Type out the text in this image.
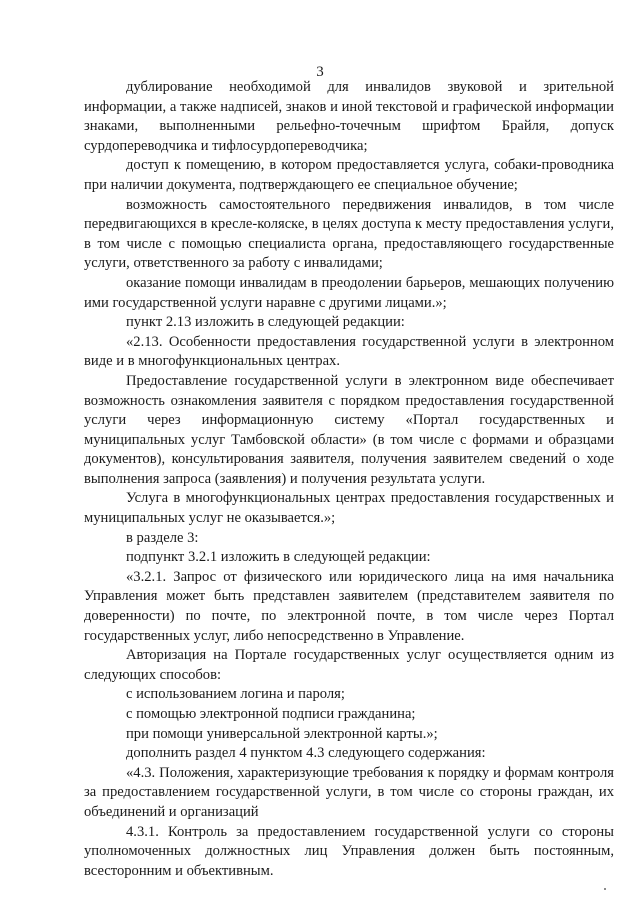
3

дублирование необходимой для инвалидов звуковой и зрительной информации, а также надписей, знаков и иной текстовой и графической информации знаками, выполненными рельефно-точечным шрифтом Брайля, допуск сурдопереводчика и тифлосурдопереводчика;

доступ к помещению, в котором предоставляется услуга, собаки-проводника при наличии документа, подтверждающего ее специальное обучение;

возможность самостоятельного передвижения инвалидов, в том числе передвигающихся в кресле-коляске, в целях доступа к месту предоставления услуги, в том числе с помощью специалиста органа, предоставляющего государственные услуги, ответственного за работу с инвалидами;

оказание помощи инвалидам в преодолении барьеров, мешающих получению ими государственной услуги наравне с другими лицами.»;

пункт 2.13 изложить в следующей редакции:

«2.13. Особенности предоставления государственной услуги в электронном виде и в многофункциональных центрах.

Предоставление государственной услуги в электронном виде обеспечивает возможность ознакомления заявителя с порядком предоставления государственной услуги через информационную систему «Портал государственных и муниципальных услуг Тамбовской области» (в том числе с формами и образцами документов), консультирования заявителя, получения заявителем сведений о ходе выполнения запроса (заявления) и получения результата услуги.

Услуга в многофункциональных центрах предоставления государственных и муниципальных услуг не оказывается.»;

в разделе 3:

подпункт 3.2.1 изложить в следующей редакции:

«3.2.1. Запрос от физического или юридического лица на имя начальника Управления может быть представлен заявителем (представителем заявителя по доверенности) по почте, по электронной почте, в том числе через Портал государственных услуг, либо непосредственно в Управление.

Авторизация на Портале государственных услуг осуществляется одним из следующих способов:

с использованием логина и пароля;

с помощью электронной подписи гражданина;

при помощи универсальной электронной карты.»;

дополнить раздел 4 пунктом 4.3 следующего содержания:

«4.3. Положения, характеризующие требования к порядку и формам контроля за предоставлением государственной услуги, в том числе со стороны граждан, их объединений и организаций

4.3.1. Контроль за предоставлением государственной услуги со стороны уполномоченных должностных лиц Управления должен быть постоянным, всесторонним и объективным.
